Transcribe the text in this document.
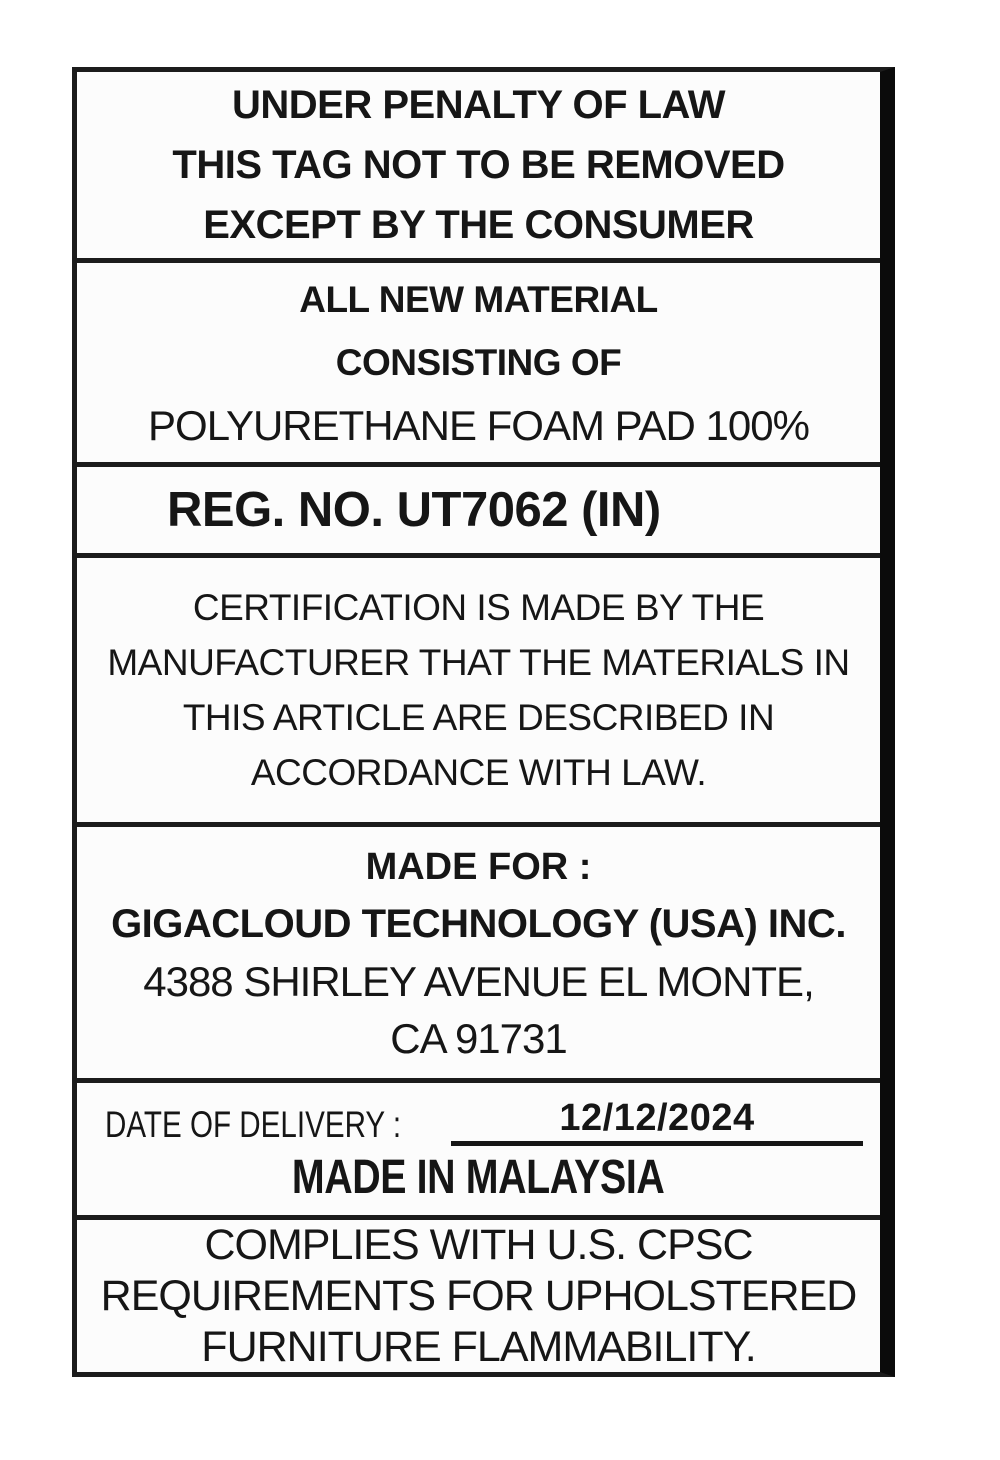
UNDER PENALTY OF LAW
THIS TAG NOT TO BE REMOVED
EXCEPT BY THE CONSUMER
ALL NEW MATERIAL
CONSISTING OF
POLYURETHANE FOAM PAD 100%
REG. NO. UT7062 (IN)
CERTIFICATION IS MADE BY THE
MANUFACTURER THAT THE MATERIALS IN
THIS ARTICLE ARE DESCRIBED IN
ACCORDANCE WITH LAW.
MADE FOR :
GIGACLOUD TECHNOLOGY (USA) INC.
4388 SHIRLEY AVENUE EL MONTE,
CA 91731
DATE OF DELIVERY :	12/12/2024
MADE IN MALAYSIA
COMPLIES WITH U.S. CPSC
REQUIREMENTS FOR UPHOLSTERED
FURNITURE FLAMMABILITY.
